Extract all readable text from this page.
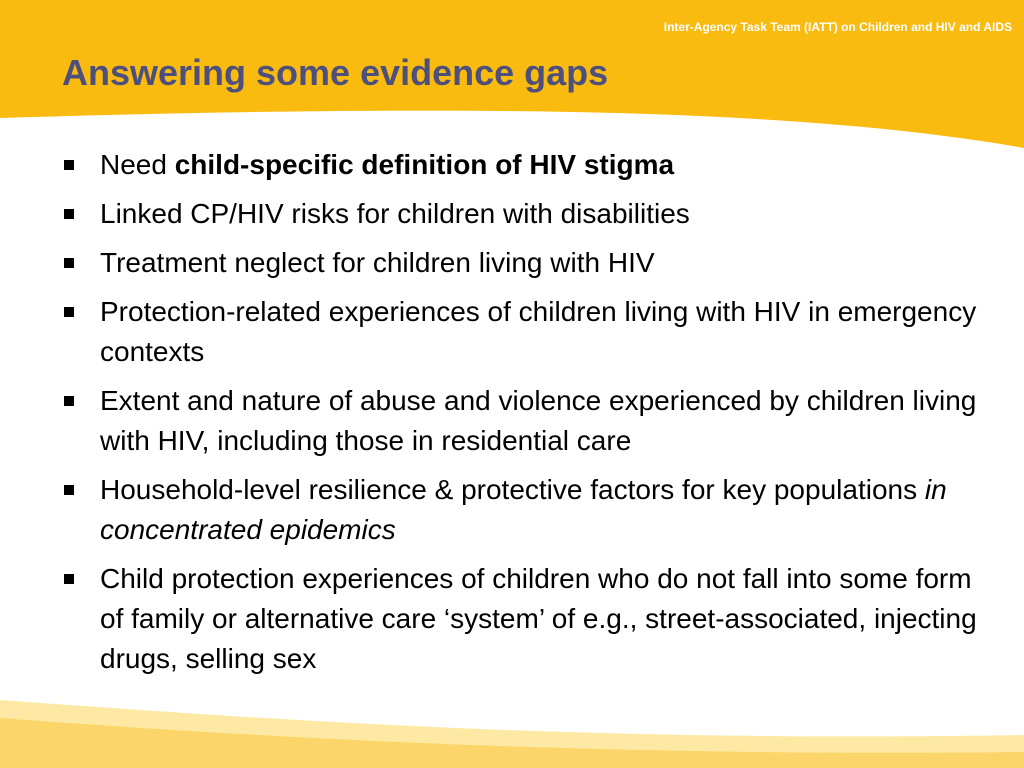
Inter-Agency Task Team (IATT) on Children and HIV and AIDS
Answering some evidence gaps
Need child-specific definition of HIV stigma
Linked CP/HIV risks for children with disabilities
Treatment neglect for children living with HIV
Protection-related experiences of children living with HIV in emergency contexts
Extent and nature of abuse and violence experienced by children living with HIV, including those in residential care
Household-level resilience & protective factors for key populations in concentrated epidemics
Child protection experiences of children who do not fall into some form of family or alternative care ‘system’ of e.g., street-associated, injecting drugs, selling sex
